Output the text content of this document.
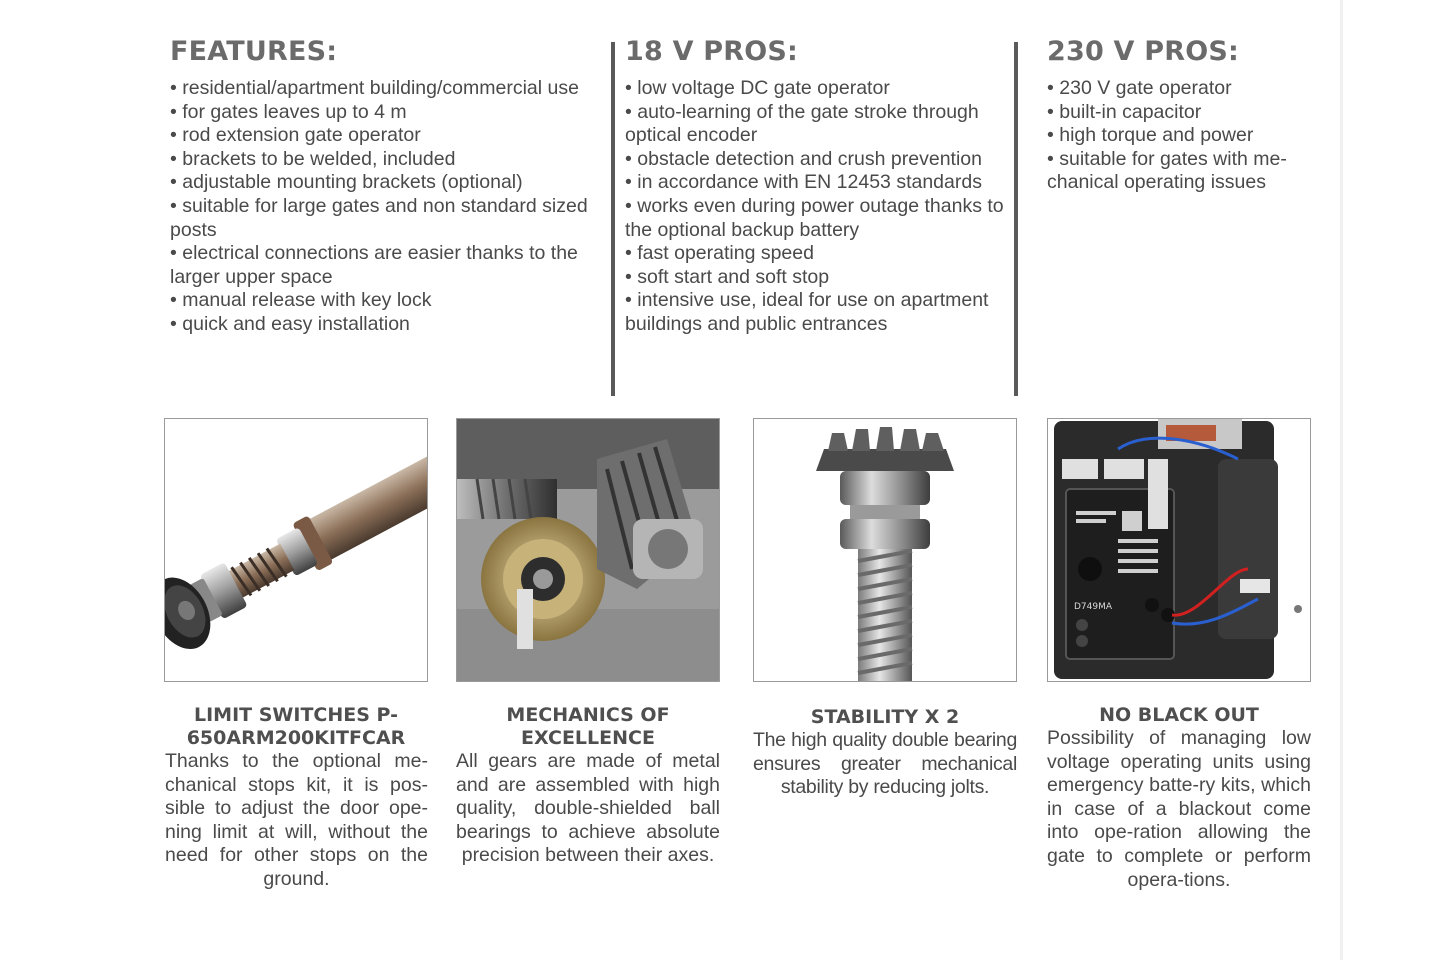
FEATURES:
• residential/apartment building/commercial use
• for gates leaves up to 4 m
• rod extension gate operator
• brackets to be welded, included
• adjustable mounting brackets (optional)
• suitable for large gates and non standard sized posts
• electrical connections are easier thanks to the larger upper space
• manual release with key lock
• quick and easy installation
18 V PROS:
• low voltage DC gate operator
• auto-learning of the gate stroke through optical encoder
• obstacle detection and crush prevention
• in accordance with EN 12453 standards
• works even during power outage thanks to the optional backup battery
• fast operating speed
• soft start and soft stop
• intensive use, ideal for use on apartment buildings and public entrances
230 V PROS:
• 230 V gate operator
• built-in capacitor
• high torque and power
• suitable for gates with me-chanical operating issues
LIMIT SWITCHES P-650ARM200KITFCAR

Thanks to the optional me-chanical stops kit, it is pos-sible to adjust the door ope-ning limit at will, without the need for other stops on the ground.

MECHANICS OF EXCELLENCE

All gears are made of metal and are assembled with high quality, double-shielded ball bearings to achieve absolute precision between their axes.

STABILITY X 2

The high quality double bearing ensures greater mechanical stability by reducing jolts.

D749MA
NO BLACK OUT

Possibility of managing low voltage operating units using emergency batte-ry kits, which in case of a blackout come into ope-ration allowing the gate to complete or perform opera-tions.
